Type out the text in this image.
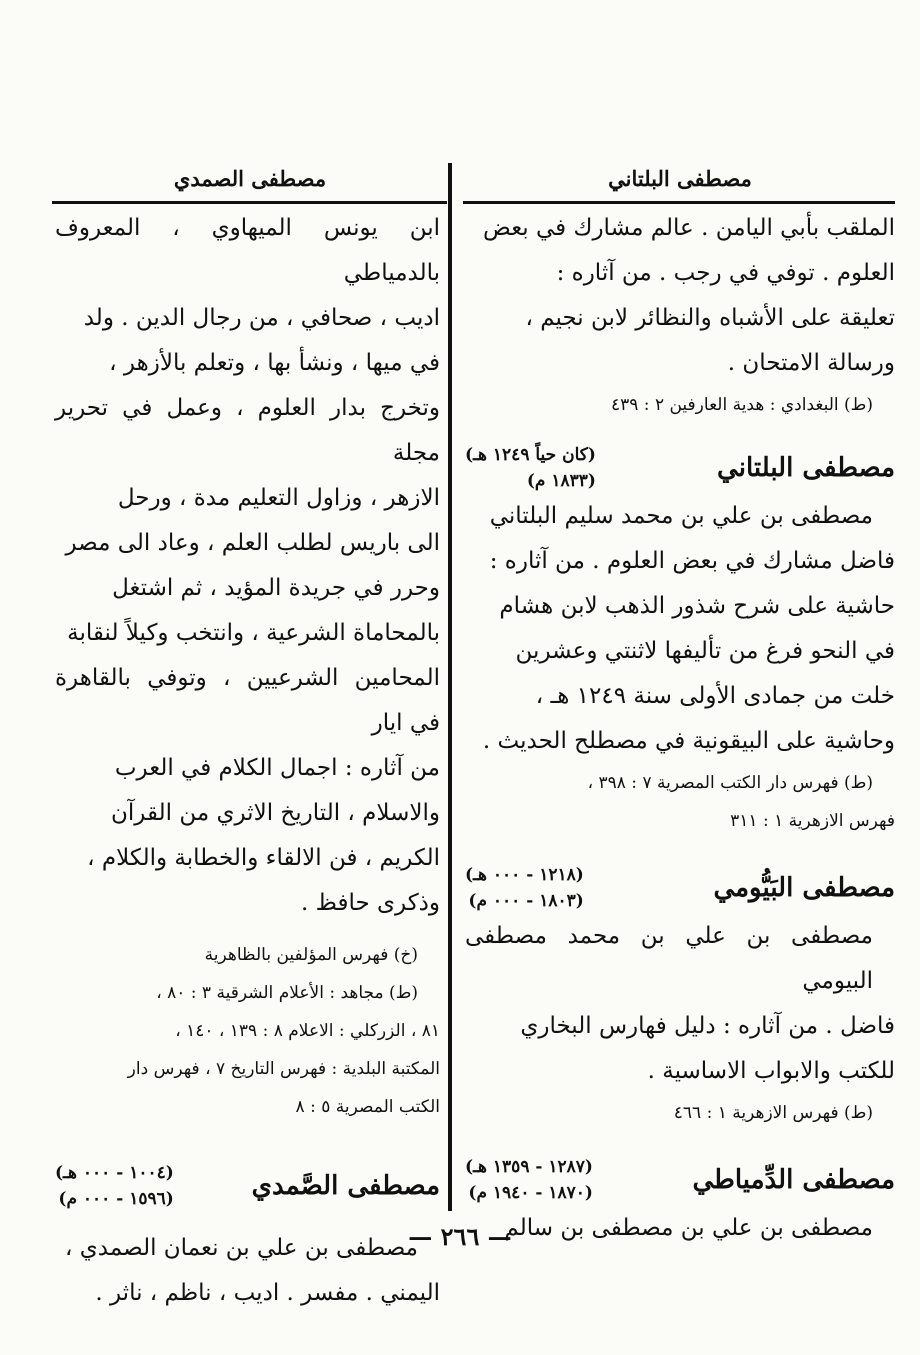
مصطفى البلتاني
مصطفى الصمدي

الملقب بأبي اليامن . عالم مشارك في بعض

العلوم . توفي في رجب . من آثاره :

تعليقة على الأشباه والنظائر لابن نجيم ،

ورسالة الامتحان .

(ط) البغدادي : هدية العارفين ٢ : ٤٣٩

مصطفى البلتاني
(كان حياً ١٢٤٩ هـ)
(١٨٣٣ م)

مصطفى بن علي بن محمد سليم البلتاني

فاضل مشارك في بعض العلوم . من آثاره :

حاشية على شرح شذور الذهب لابن هشام

في النحو فرغ من تأليفها لاثنتي وعشرين

خلت من جمادى الأولى سنة ١٢٤٩ هـ ،

وحاشية على البيقونية في مصطلح الحديث .

(ط) فهرس دار الكتب المصرية ٧ : ٣٩٨ ،

فهرس الازهرية ١ : ٣١١

مصطفى البَيُّومي
(١٢١٨ - ٠٠٠ هـ)
(١٨٠٣ - ٠٠٠ م)

مصطفى بن علي بن محمد مصطفى البيومي

فاضل . من آثاره : دليل فهارس البخاري

للكتب والابواب الاساسية .

(ط) فهرس الازهرية ١ : ٤٦٦

مصطفى الدِّمياطي
(١٢٨٧ - ١٣٥٩ هـ)
(١٨٧٠ - ١٩٤٠ م)

مصطفى بن علي بن مصطفى بن سالم

ابن يونس الميهاوي ، المعروف بالدمياطي

اديب ، صحافي ، من رجال الدين . ولد

في ميها ، ونشأ بها ، وتعلم بالأزهر ،

وتخرج بدار العلوم ، وعمل في تحرير مجلة

الازهر ، وزاول التعليم مدة ، ورحل

الى باريس لطلب العلم ، وعاد الى مصر

وحرر في جريدة المؤيد ، ثم اشتغل

بالمحاماة الشرعية ، وانتخب وكيلاً لنقابة

المحامين الشرعيين ، وتوفي بالقاهرة في ايار

من آثاره : اجمال الكلام في العرب

والاسلام ، التاريخ الاثري من القرآن

الكريم ، فن الالقاء والخطابة والكلام ،

وذكرى حافظ .

(خ) فهرس المؤلفين بالظاهرية

(ط) مجاهد : الأعلام الشرقية ٣ : ٨٠ ،

٨١ ، الزركلي : الاعلام ٨ : ١٣٩ ، ١٤٠ ،

المكتبة البلدية : فهرس التاريخ ٧ ، فهرس دار

الكتب المصرية ٥ : ٨

مصطفى الصَّمدي
(١٠٠٤ - ٠٠٠ هـ)
(١٥٩٦ - ٠٠٠ م)

مصطفى بن علي بن نعمان الصمدي ،

اليمني . مفسر . اديب ، ناظم ، ناثر .

— ٢٦٦ —
